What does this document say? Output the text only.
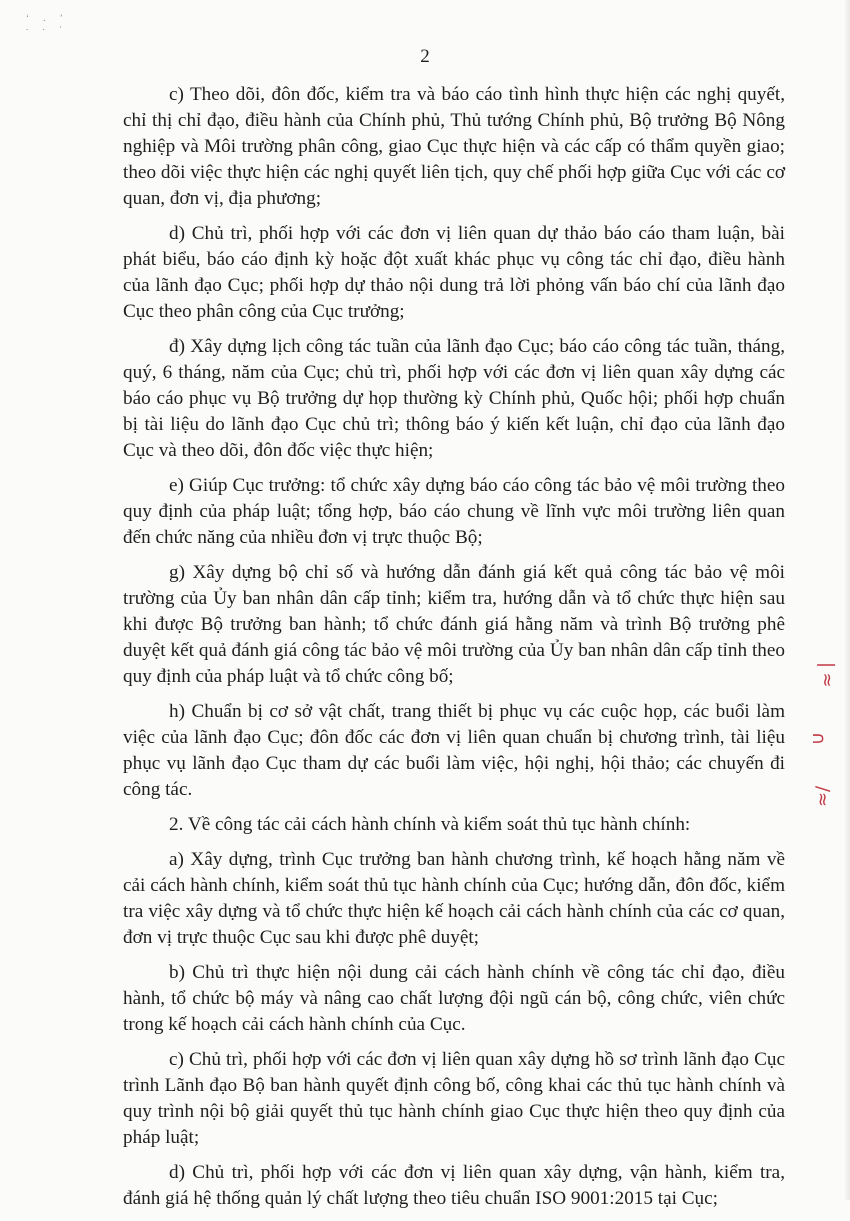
‘ . ’
. . ·
2

c) Theo dõi, đôn đốc, kiểm tra và báo cáo tình hình thực hiện các nghị quyết, chỉ thị chỉ đạo, điều hành của Chính phủ, Thủ tướng Chính phủ, Bộ trưởng Bộ Nông nghiệp và Môi trường phân công, giao Cục thực hiện và các cấp có thẩm quyền giao; theo dõi việc thực hiện các nghị quyết liên tịch, quy chế phối hợp giữa Cục với các cơ quan, đơn vị, địa phương;

d) Chủ trì, phối hợp với các đơn vị liên quan dự thảo báo cáo tham luận, bài phát biểu, báo cáo định kỳ hoặc đột xuất khác phục vụ công tác chỉ đạo, điều hành của lãnh đạo Cục; phối hợp dự thảo nội dung trả lời phỏng vấn báo chí của lãnh đạo Cục theo phân công của Cục trưởng;

đ) Xây dựng lịch công tác tuần của lãnh đạo Cục; báo cáo công tác tuần, tháng, quý, 6 tháng, năm của Cục; chủ trì, phối hợp với các đơn vị liên quan xây dựng các báo cáo phục vụ Bộ trưởng dự họp thường kỳ Chính phủ, Quốc hội; phối hợp chuẩn bị tài liệu do lãnh đạo Cục chủ trì; thông báo ý kiến kết luận, chỉ đạo của lãnh đạo Cục và theo dõi, đôn đốc việc thực hiện;

e) Giúp Cục trưởng: tổ chức xây dựng báo cáo công tác bảo vệ môi trường theo quy định của pháp luật; tổng hợp, báo cáo chung về lĩnh vực môi trường liên quan đến chức năng của nhiều đơn vị trực thuộc Bộ;

g) Xây dựng bộ chỉ số và hướng dẫn đánh giá kết quả công tác bảo vệ môi trường của Ủy ban nhân dân cấp tỉnh; kiểm tra, hướng dẫn và tổ chức thực hiện sau khi được Bộ trưởng ban hành; tổ chức đánh giá hằng năm và trình Bộ trưởng phê duyệt kết quả đánh giá công tác bảo vệ môi trường của Ủy ban nhân dân cấp tỉnh theo quy định của pháp luật và tổ chức công bố;

h) Chuẩn bị cơ sở vật chất, trang thiết bị phục vụ các cuộc họp, các buổi làm việc của lãnh đạo Cục; đôn đốc các đơn vị liên quan chuẩn bị chương trình, tài liệu phục vụ lãnh đạo Cục tham dự các buổi làm việc, hội nghị, hội thảo; các chuyến đi công tác.

2. Về công tác cải cách hành chính và kiểm soát thủ tục hành chính:

a) Xây dựng, trình Cục trưởng ban hành chương trình, kế hoạch hằng năm về cải cách hành chính, kiểm soát thủ tục hành chính của Cục; hướng dẫn, đôn đốc, kiểm tra việc xây dựng và tổ chức thực hiện kế hoạch cải cách hành chính của các cơ quan, đơn vị trực thuộc Cục sau khi được phê duyệt;

b) Chủ trì thực hiện nội dung cải cách hành chính về công tác chỉ đạo, điều hành, tổ chức bộ máy và nâng cao chất lượng đội ngũ cán bộ, công chức, viên chức trong kế hoạch cải cách hành chính của Cục.

c) Chủ trì, phối hợp với các đơn vị liên quan xây dựng hồ sơ trình lãnh đạo Cục trình Lãnh đạo Bộ ban hành quyết định công bố, công khai các thủ tục hành chính và quy trình nội bộ giải quyết thủ tục hành chính giao Cục thực hiện theo quy định của pháp luật;

d) Chủ trì, phối hợp với các đơn vị liên quan xây dựng, vận hành, kiểm tra, đánh giá hệ thống quản lý chất lượng theo tiêu chuẩn ISO 9001:2015 tại Cục;

❘≈
∩
∕≈
